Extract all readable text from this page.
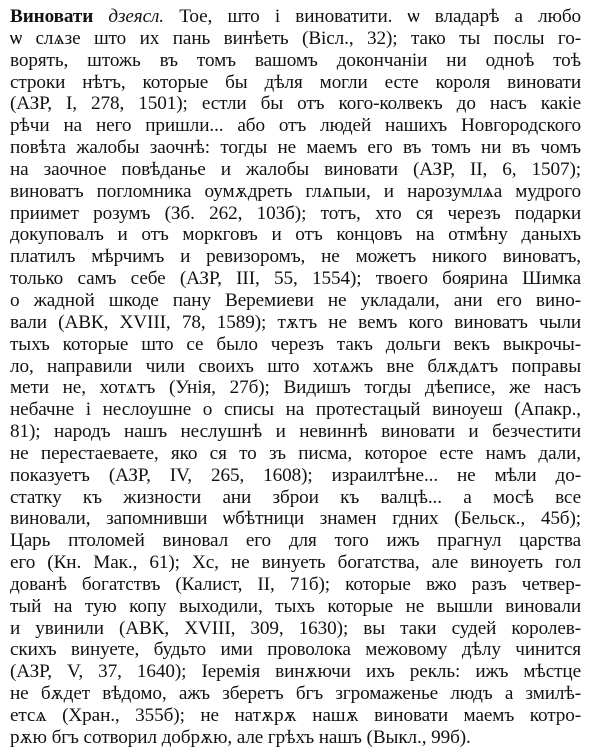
Виновати дзеясл. Тое, што і виноватити. ѡ владарѣ а любо
ѡ слѧзе што их пань винѣеть (Вісл., 32); тако ты послы го-
ворять, штожь въ томъ вашомъ докончаніи ни одноѣ тоѣ
строки нѣтъ, которые бы дѣля могли есте короля виновати
(АЗР, I, 278, 1501); естли бы отъ кого-колвекъ до насъ какіе
рѣчи на него пришли... або отъ людей нашихъ Новгородского
повѣта жалобы заочнѣ: тогды не маемъ его въ томъ ни въ чомъ
на заочное повѣданье и жалобы виновати (АЗР, II, 6, 1507);
виноватъ погломника оумѫдреть глѧпыи, и нарозумлѧа мудрого
приимет розумъ (Зб. 262, 103б); тотъ, хто ся черезъ подарки
докуповалъ и отъ моркговъ и отъ концовъ на отмѣну даныхъ
платилъ мѣрчимъ и ревизоромъ, не можетъ никого виноватъ,
только самъ себе (АЗР, III, 55, 1554); твоего боярина Шимка
о жадной шкоде пану Веремиеви не укладали, ани его вино-
вали (АВК, XVIII, 78, 1589); тѫтъ не вемъ кого виноватъ чыли
тыхъ которые што се было черезъ такъ дольги векъ выкрочы-
ло, направили чили своихъ што хотѧжъ вне блѫдѧтъ поправы
мети не, хотѧтъ (Унія, 27б); Видишъ тогды дѣеписе, же насъ
небачне і неслоушне о списы на протестацый виноуеш (Апакр.,
81); народъ нашъ неслушнѣ и невиннѣ виновати и безчестити
не перестаеваете, яко ся то зъ писма, которое есте намъ дали,
показуетъ (АЗР, IV, 265, 1608); израилтѣне... не мѣли до-
статку къ жизности ани зброи къ валцѣ... а мосѣ все
виновали, запомнивши ѡбѣтници знамен гдних (Бельск., 45б);
Царь птоломей виновал его для того ижъ прагнул царства
его (Кн. Мак., 61); Хс, не винуеть богатства, але виноуеть гол
дованѣ богатствъ (Калист, II, 71б); которые вжо разъ четвер-
тый на тую копу выходили, тыхъ которые не вышли виновали
и увинили (АВК, XVIII, 309, 1630); вы таки судей королев-
скихъ винуете, будьто ими проволока межовому дѣлу чинится
(АЗР, V, 37, 1640); Іеремія винѫючи ихъ рекль: ижъ мѣстце
не бѫдет вѣдомо, ажъ зберетъ бгъ згромаженье людъ а змилѣ-
етсѧ (Хран., 355б); не натѫрѫ нашѫ виновати маемъ котро-
рѫю бгъ сотворил добрѫю, але грѣхъ нашъ (Выкл., 99б).
